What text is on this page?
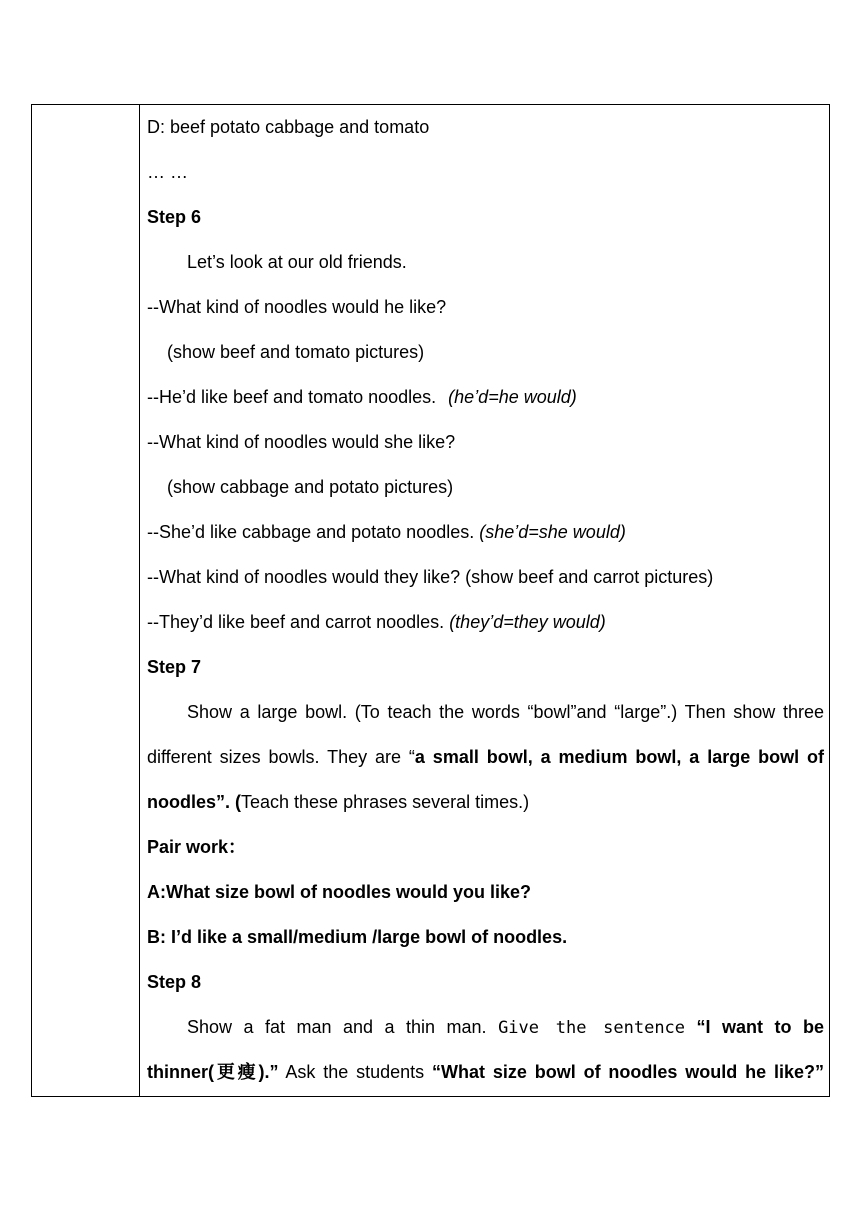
D: beef potato cabbage and tomato
… …
Step 6
Let’s look at our old friends.
--What kind of noodles would he like?
(show beef and tomato pictures)
--He’d like beef and tomato noodles. (he’d=he would)
--What kind of noodles would she like?
(show cabbage and potato pictures)
--She’d like cabbage and potato noodles. (she’d=she would)
--What kind of noodles would they like? (show beef and carrot pictures)
--They’d like beef and carrot noodles. (they’d=they would)
Step 7
Show a large bowl. (To teach the words “bowl”and “large”.) Then show three
different sizes bowls. They are “a small bowl, a medium bowl, a large bowl of
noodles”. (Teach these phrases several times.)
Pair work：
A:What size bowl of noodles would you like?
B: I’d like a small/medium /large bowl of noodles.
Step 8
Show a fat man and a thin man. Give the sentence “I want to be
thinner(更瘦).” Ask the students “What size bowl of noodles would he like?”
